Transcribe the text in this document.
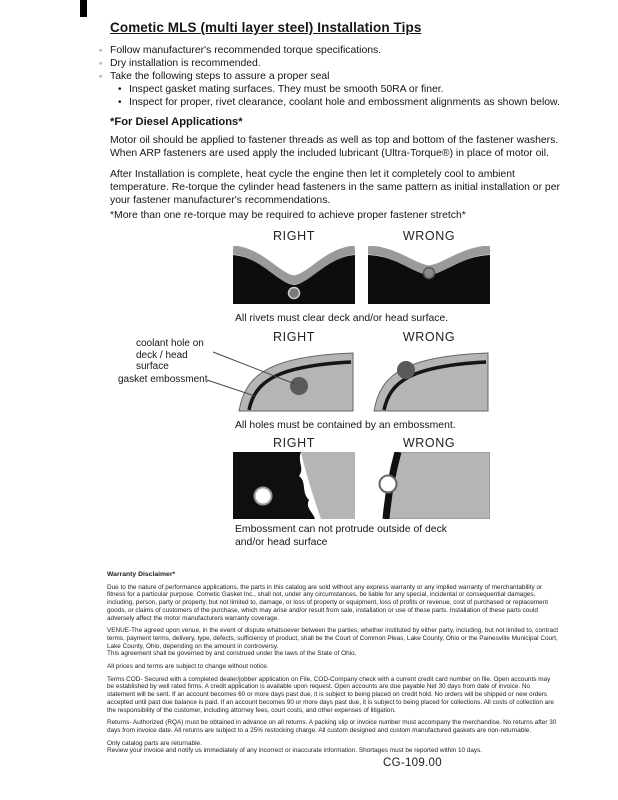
Cometic MLS (multi layer steel) Installation Tips
◦ Follow manufacturer's recommended torque specifications.
◦ Dry installation is recommended.
◦ Take the following steps to assure a proper seal
• Inspect gasket mating surfaces. They must be smooth 50RA or finer.
• Inspect for proper, rivet clearance, coolant hole and embossment alignments as shown below.
*For Diesel Applications*

Motor oil should be applied to fastener threads as well as top and bottom of the fastener washers. When ARP fasteners are used apply the included lubricant (Ultra-Torque®) in place of motor oil.

After Installation is complete, heat cycle the engine then let it completely cool to ambient temperature. Re-torque the cylinder head fasteners in the same pattern as initial installation or per your fastener manufacturer's recommendations.

*More than one re-torque may be required to achieve proper fastener stretch*

RIGHT	WRONG
All rivets must clear deck and/or head surface.
RIGHT	WRONG
All holes must be contained by an embossment.
RIGHT	WRONG
Embossment can not protrude outside of deck and/or head surface
coolant hole on deck / head surface
gasket embossment
Warranty Disclaimer*

Due to the nature of performance applications, the parts in this catalog are sold without any express warranty or any implied warranty of merchantability or fitness for a particular purpose. Cometic Gasket Inc., shall not, under any circumstances, be liable for any special, incidental or consequential damages, including, person, party or property, but not limited to, damage, or loss of property or equipment, loss of profits or revenue, cost of purchased or replacement goods, or claims of customers of the purchase, which may arise and/or result from sale, installation or use of these parts. Installation of these parts could adversely affect the motor manufacturers warranty coverage.

VENUE-The agreed upon venue, in the event of dispute whatsoever between the parties, whether instituted by either party, including, but not limited to, contract terms, payment terms, delivery, type, defects, sufficiency of product, shall be the Court of Common Pleas, Lake County, Ohio or the Painesville Municipal Court, Lake County, Ohio, depending on the amount in controversy.

This agreement shall be governed by and construed under the laws of the State of Ohio.

All prices and terms are subject to change without notice.

Terms COD- Secured with a completed dealer/jobber application on File, COD-Company check with a current credit card number on file. Open accounts may be established by well rated firms. A credit application is available upon request. Open accounts are due payable Net 30 days from date of invoice. No statement will be sent. If an account becomes 60 or more days past due, it is subject to being placed on credit hold. No orders will be shipped or new orders accepted until past due balance is paid. If an account becomes 90 or more days past due, it is subject to being placed for collections. All costs of collection are the responsibility of the customer, including attorney fees, court costs, and other expenses of litigation.

Returns- Authorized (RQA) must be obtained in advance on all returns. A packing slip or invoice number must accompany the merchandise. No returns after 30 days from invoice date. All returns are subject to a 25% restocking charge. All custom designed and custom manufactured gaskets are non-returnable.

Only catalog parts are returnable.

Review your invoice and notify us immediately of any incorrect or inaccurate information. Shortages must be reported within 10 days.

CG-109.00
